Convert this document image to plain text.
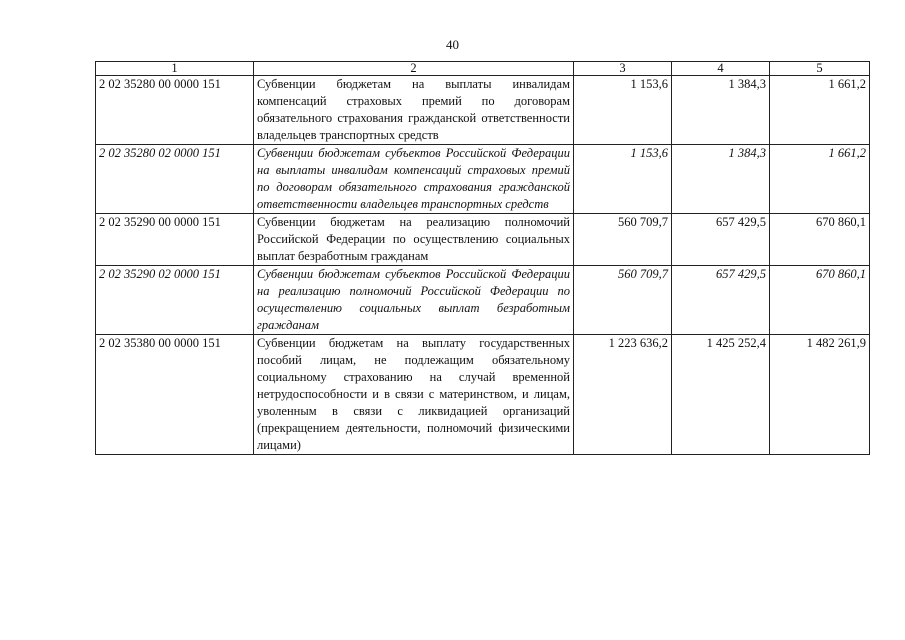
40
1	2	3	4	5
2 02 35280 00 0000 151	Субвенции бюджетам на выплаты инвалидам компенсаций страховых премий по договорам обязательного страхования гражданской ответственности владельцев транспортных средств	1 153,6	1 384,3	1 661,2
2 02 35280 02 0000 151	Субвенции бюджетам субъектов Российской Федерации на выплаты инвалидам компенсаций страховых премий по договорам обязательного страхования гражданской ответственности владельцев транспортных средств	1 153,6	1 384,3	1 661,2
2 02 35290 00 0000 151	Субвенции бюджетам на реализацию полномочий Российской Федерации по осуществлению социальных выплат безработным гражданам	560 709,7	657 429,5	670 860,1
2 02 35290 02 0000 151	Субвенции бюджетам субъектов Российской Федерации на реализацию полномочий Российской Федерации по осуществлению социальных выплат безработным гражданам	560 709,7	657 429,5	670 860,1
2 02 35380 00 0000 151	Субвенции бюджетам на выплату государственных пособий лицам, не подлежащим обязательному социальному страхованию на случай временной нетрудоспособности и в связи с материнством, и лицам, уволенным в связи с ликвидацией организаций (прекращением деятельности, полномочий физическими лицами)	1 223 636,2	1 425 252,4	1 482 261,9
